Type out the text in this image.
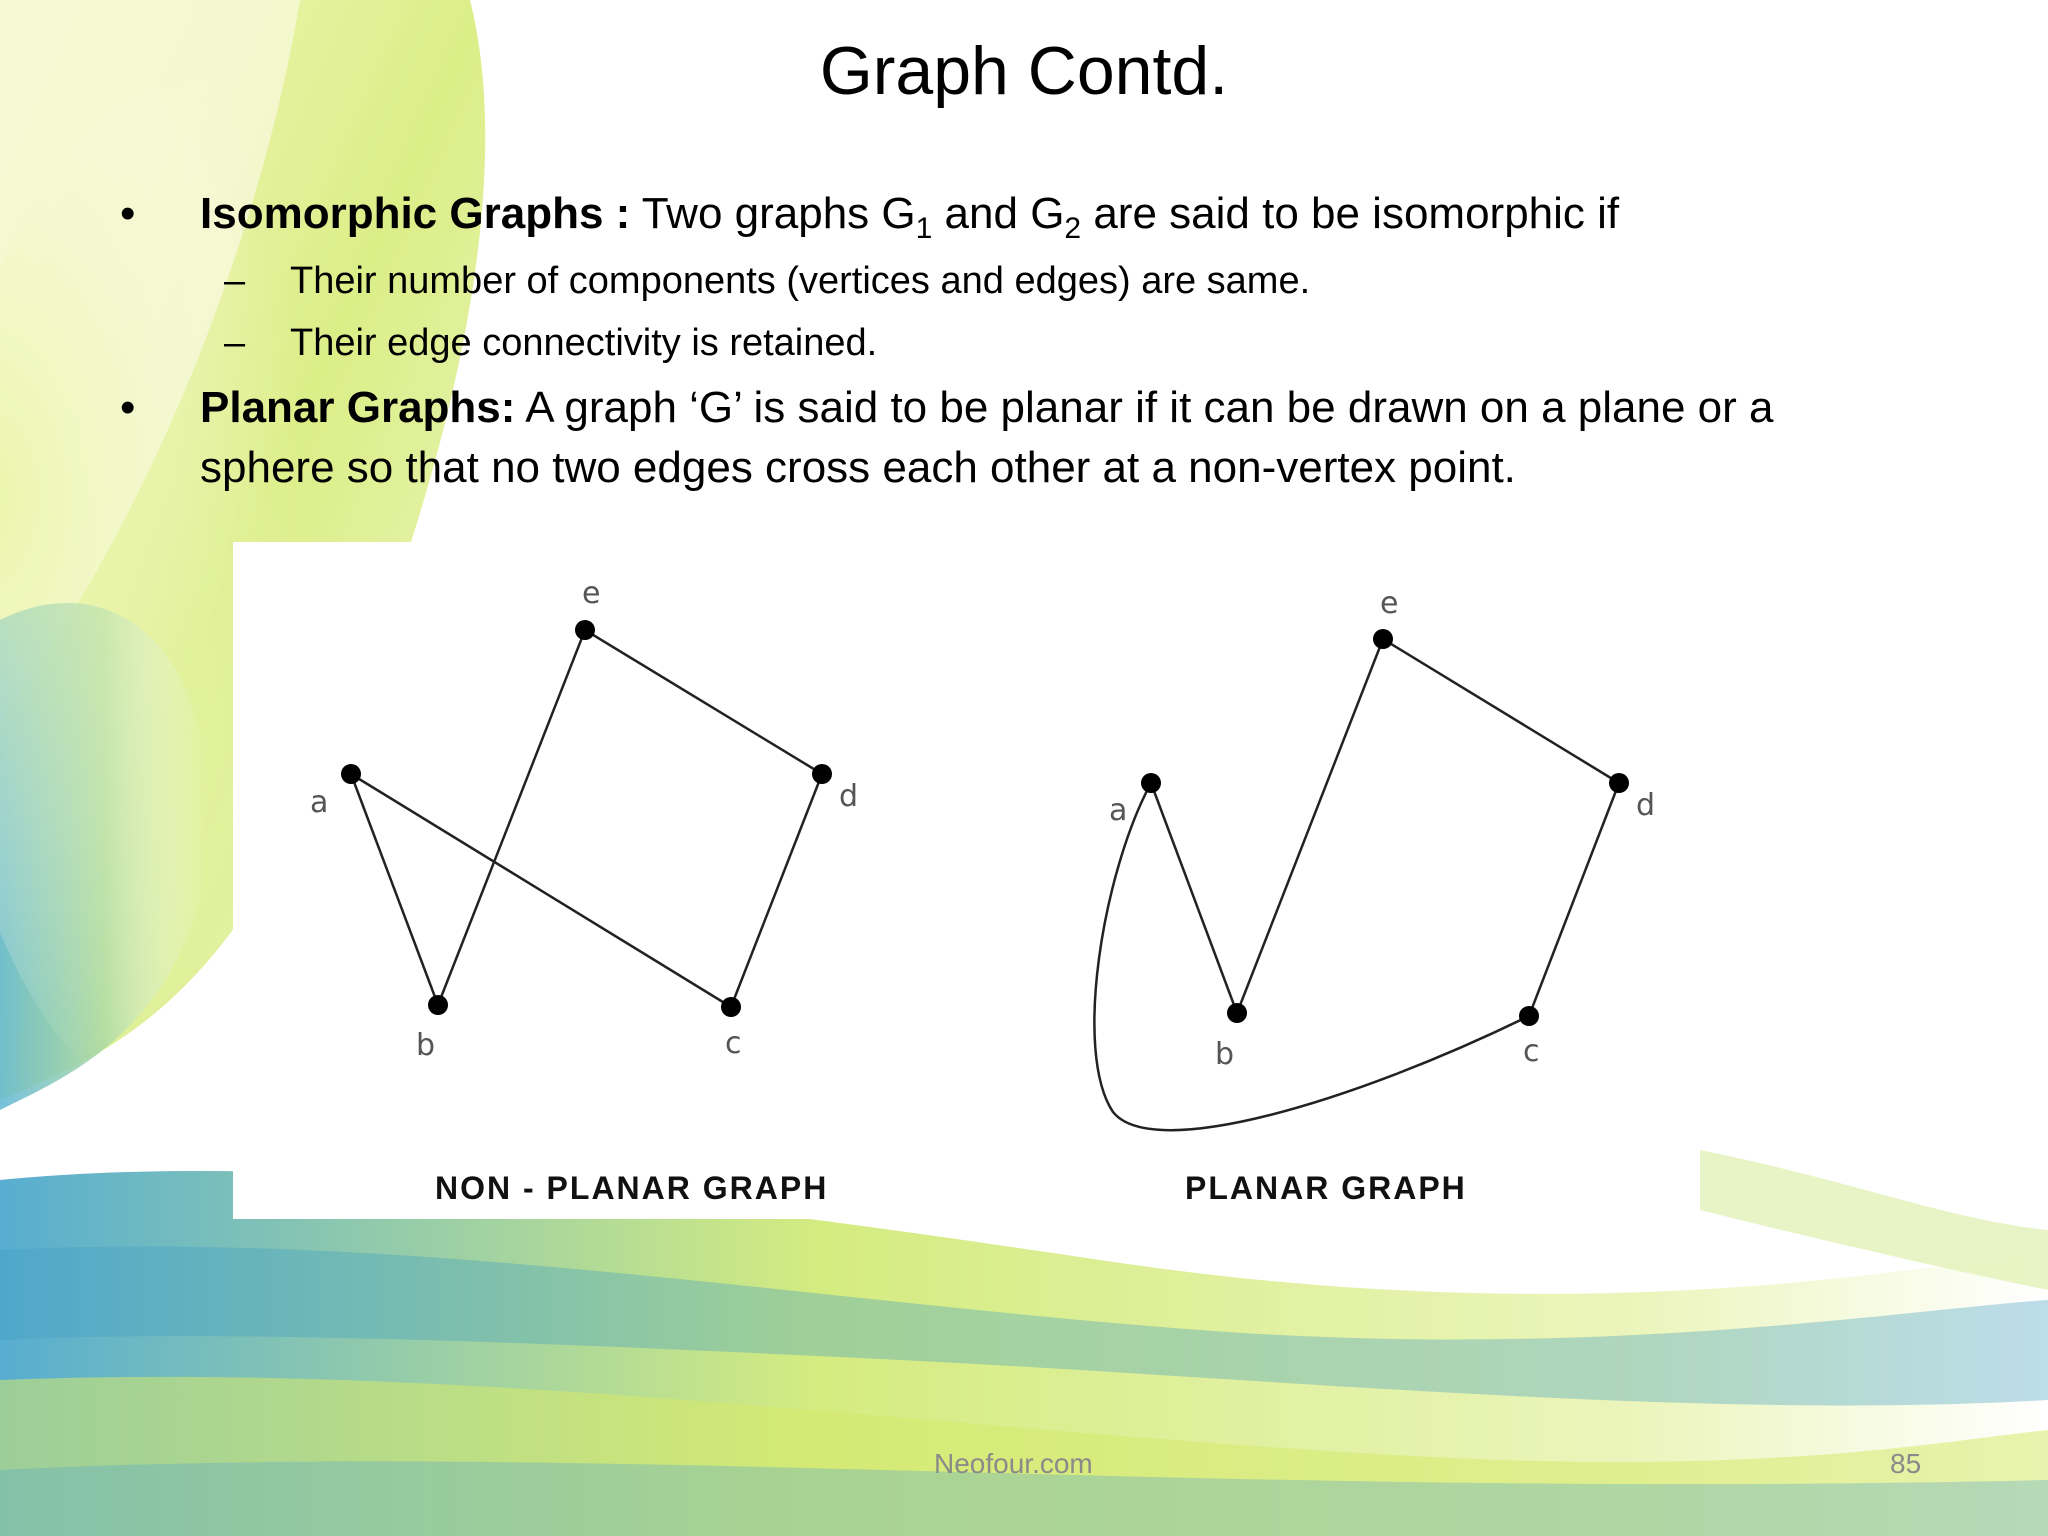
Graph Contd.
•	Isomorphic Graphs : Two graphs $G_1$ and $G_2$ are said to be isomorphic if
– Their number of components (vertices and edges) are same.
– Their edge connectivity is retained.
•	Planar Graphs: A graph ‘G’ is said to be planar if it can be drawn on a plane or a sphere so that no two edges cross each other at a non-vertex point.
a
b	c
d
e
a
b	c
d
e
NON - PLANAR GRAPH	PLANAR GRAPH
Neofour.com	85
